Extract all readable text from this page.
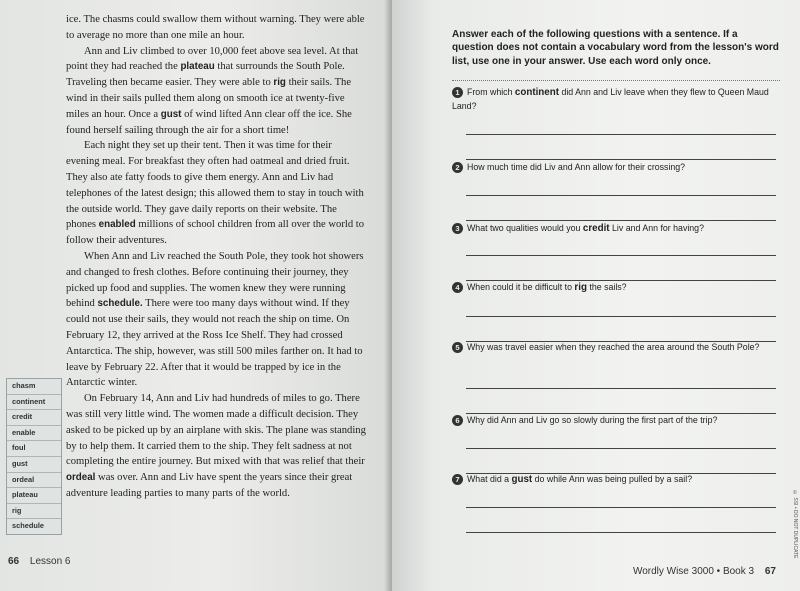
ice. The chasms could swallow them without warning. They were able to average no more than one mile an hour.

Ann and Liv climbed to over 10,000 feet above sea level. At that point they had reached the plateau that surrounds the South Pole. Traveling then became easier. They were able to rig their sails. The wind in their sails pulled them along on smooth ice at twenty-five miles an hour. Once a gust of wind lifted Ann clear off the ice. She found herself sailing through the air for a short time!

Each night they set up their tent. Then it was time for their evening meal. For breakfast they often had oatmeal and dried fruit. They also ate fatty foods to give them energy. Ann and Liv had telephones of the latest design; this allowed them to stay in touch with the outside world. They gave daily reports on their website. The phones enabled millions of school children from all over the world to follow their adventures.

When Ann and Liv reached the South Pole, they took hot showers and changed to fresh clothes. Before continuing their journey, they picked up food and supplies. The women knew they were running behind schedule. There were too many days without wind. If they could not use their sails, they would not reach the ship on time. On February 12, they arrived at the Ross Ice Shelf. They had crossed Antarctica. The ship, however, was still 500 miles farther on. It had to leave by February 22. After that it would be trapped by ice in the Antarctic winter.

On February 14, Ann and Liv had hundreds of miles to go. There was still very little wind. The women made a difficult decision. They asked to be picked up by an airplane with skis. The plane was standing by to help them. It carried them to the ship. They felt sadness at not completing the entire journey. But mixed with that was relief that their ordeal was over. Ann and Liv have spent the years since their great adventure leading parties to many parts of the world.

chasm
continent
credit
enable
foul
gust
ordeal
plateau
rig
schedule
66 Lesson 6
Answer each of the following questions with a sentence. If a question does not contain a vocabulary word from the lesson's word list, use one in your answer. Use each word only once.
1 From which continent did Ann and Liv leave when they flew to Queen Maud Land?
2 How much time did Liv and Ann allow for their crossing?
3 What two qualities would you credit Liv and Ann for having?
4 When could it be difficult to rig the sails?
5 Why was travel easier when they reached the area around the South Pole?
6 Why did Ann and Liv go so slowly during the first part of the trip?
7 What did a gust do while Ann was being pulled by a sail?
Wordly Wise 3000 • Book 3 67
© SSI • DO NOT DUPLICATE
